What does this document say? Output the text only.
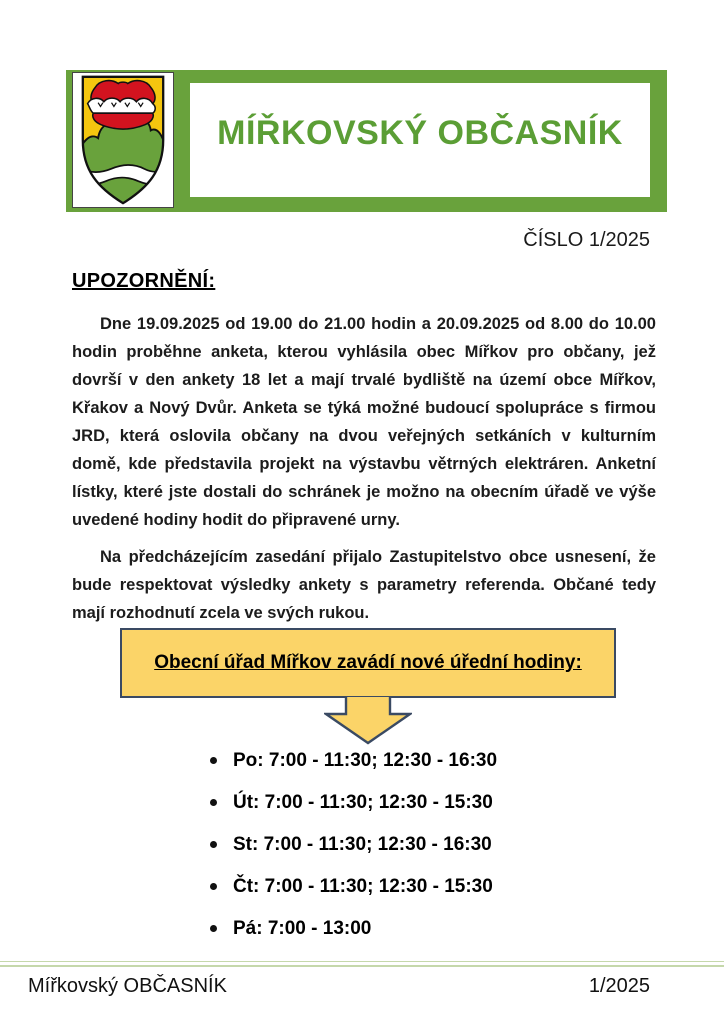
MÍŘKOVSKÝ OBČASNÍK
ČÍSLO 1/2025
UPOZORNĚNÍ:

Dne 19.09.2025 od 19.00 do 21.00 hodin a 20.09.2025 od 8.00 do 10.00 hodin proběhne anketa, kterou vyhlásila obec Mířkov pro občany, jež dovrší v den ankety 18 let a mají trvalé bydliště na území obce Mířkov, Křakov a Nový Dvůr. Anketa se týká možné budoucí spolupráce s firmou JRD, která oslovila občany na dvou veřejných setkáních v kulturním domě, kde představila projekt na výstavbu větrných elektráren. Anketní lístky, které jste dostali do schránek je možno na obecním úřadě ve výše uvedené hodiny hodit do připravené urny.

Na předcházejícím zasedání přijalo Zastupitelstvo obce usnesení, že bude respektovat výsledky ankety s parametry referenda. Občané tedy mají rozhodnutí zcela ve svých rukou.

Obecní úřad Mířkov zavádí nové úřední hodiny:
Po: 7:00 - 11:30; 12:30 - 16:30
Út: 7:00 - 11:30; 12:30 - 15:30
St: 7:00 - 11:30; 12:30 - 16:30
Čt: 7:00 - 11:30; 12:30 - 15:30
Pá: 7:00 - 13:00
Mířkovský OBČASNÍK	1/2025
